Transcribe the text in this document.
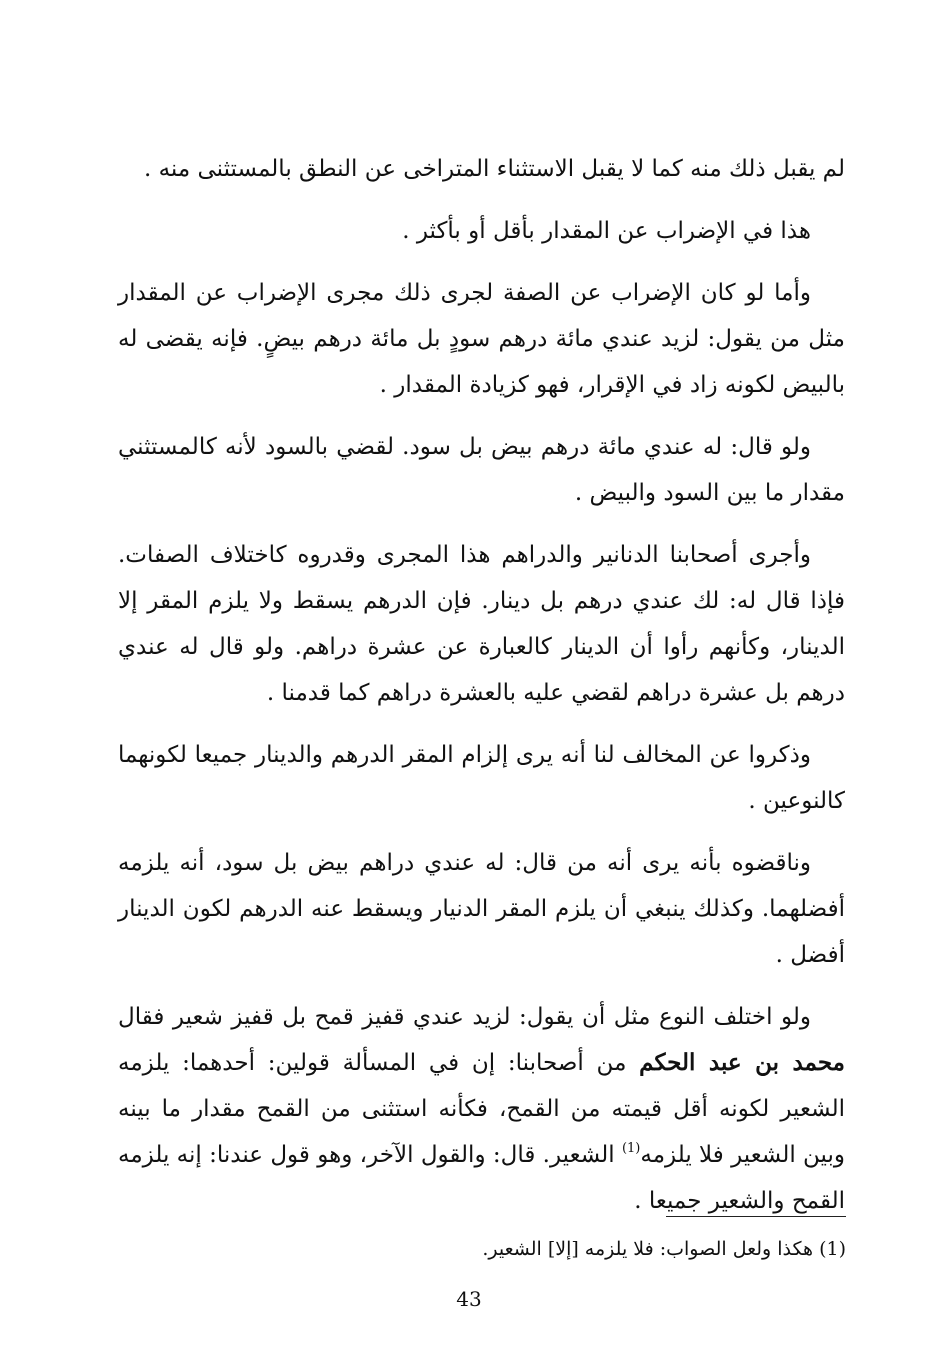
لم يقبل ذلك منه كما لا يقبل الاستثناء المتراخى عن النطق بالمستثنى منه .

هذا في الإضراب عن المقدار بأقل أو بأكثر .

وأما لو كان الإضراب عن الصفة لجرى ذلك مجرى الإضراب عن المقدار مثل من يقول: لزيد عندي مائة درهم سودٍ بل مائة درهم بيضٍ. فإنه يقضى له بالبيض لكونه زاد في الإقرار، فهو كزيادة المقدار .

ولو قال: له عندي مائة درهم بيض بل سود. لقضي بالسود لأنه كالمستثني مقدار ما بين السود والبيض .

وأجرى أصحابنا الدنانير والدراهم هذا المجرى وقدروه كاختلاف الصفات. فإذا قال له: لك عندي درهم بل دينار. فإن الدرهم يسقط ولا يلزم المقر إلا الدينار، وكأنهم رأوا أن الدينار كالعبارة عن عشرة دراهم. ولو قال له عندي درهم بل عشرة دراهم لقضي عليه بالعشرة دراهم كما قدمنا .

وذكروا عن المخالف لنا أنه يرى إلزام المقر الدرهم والدينار جميعا لكونهما كالنوعين .

وناقضوه بأنه يرى أنه من قال: له عندي دراهم بيض بل سود، أنه يلزمه أفضلهما. وكذلك ينبغي أن يلزم المقر الدنيار ويسقط عنه الدرهم لكون الدينار أفضل .

ولو اختلف النوع مثل أن يقول: لزيد عندي قفيز قمح بل قفيز شعير فقال محمد بن عبد الحكم من أصحابنا: إن في المسألة قولين: أحدهما: يلزمه الشعير لكونه أقل قيمته من القمح، فكأنه استثنى من القمح مقدار ما بينه وبين الشعير فلا يلزمه$^{(1)}$ الشعير. قال: والقول الآخر، وهو قول عندنا: إنه يلزمه القمح والشعير جميعا .

(1) هكذا ولعل الصواب: فلا يلزمه [إلا] الشعير.
43
